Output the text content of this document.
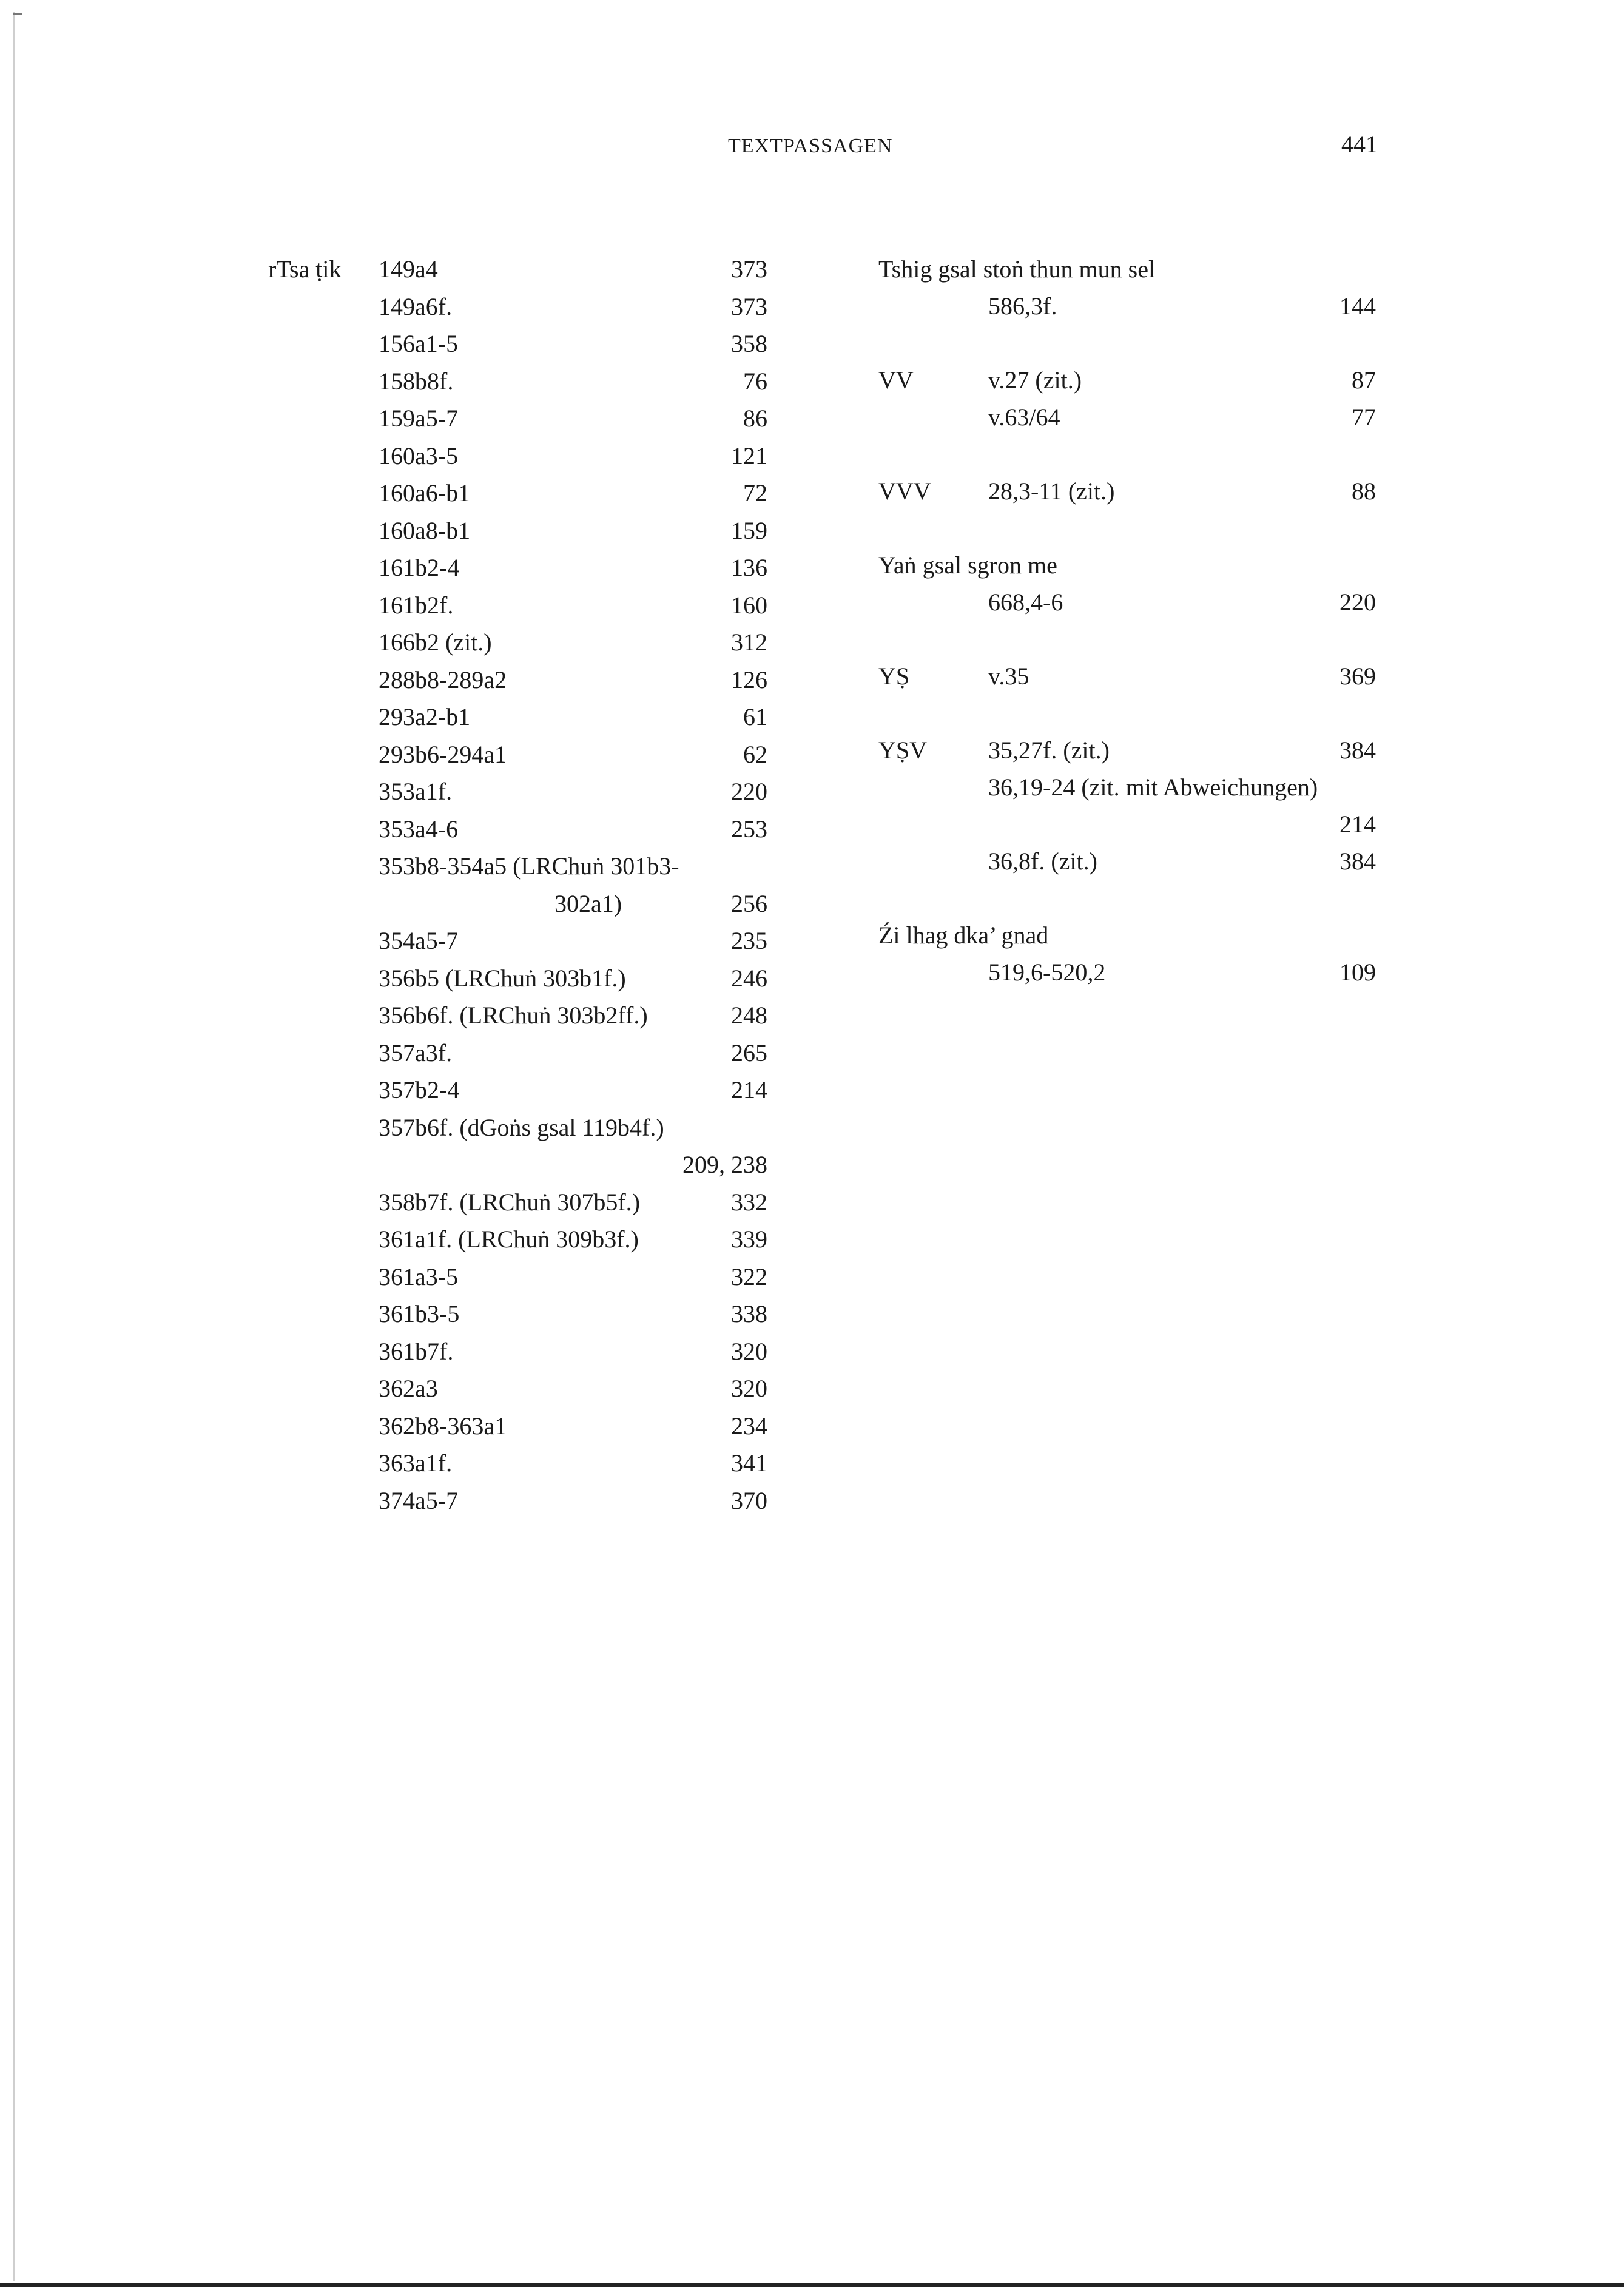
TEXTPASSAGEN	441
rTsa ṭik 149a4	373
149a6f.	373
156a1-5	358
158b8f.	76
159a5-7	86
160a3-5	121
160a6-b1	72
160a8-b1	159
161b2-4	136
161b2f.	160
166b2 (zit.)	312
288b8-289a2	126
293a2-b1	61
293b6-294a1	62
353a1f.	220
353a4-6	253
353b8-354a5 (LRChuṅ 301b3-
302a1)	256
354a5-7	235
356b5 (LRChuṅ 303b1f.)	246
356b6f. (LRChuṅ 303b2ff.)	248
357a3f.	265
357b2-4	214
357b6f. (dGoṅs gsal 119b4f.)
209, 238
358b7f. (LRChuṅ 307b5f.)	332
361a1f. (LRChuṅ 309b3f.)	339
361a3-5	322
361b3-5	338
361b7f.	320
362a3	320
362b8-363a1	234
363a1f.	341
374a5-7	370
Tshig gsal stoṅ thun mun sel
586,3f.	144
VV	v.27 (zit.)	87
v.63/64	77
VVV 28,3-11 (zit.)	88
Yaṅ gsal sgron me
668,4-6	220
YṢ	v.35	369
YṢV	35,27f. (zit.)	384
36,19-24 (zit. mit Abweichungen)
214
36,8f. (zit.)	384
Źi lhag dka’ gnad
519,6-520,2	109
